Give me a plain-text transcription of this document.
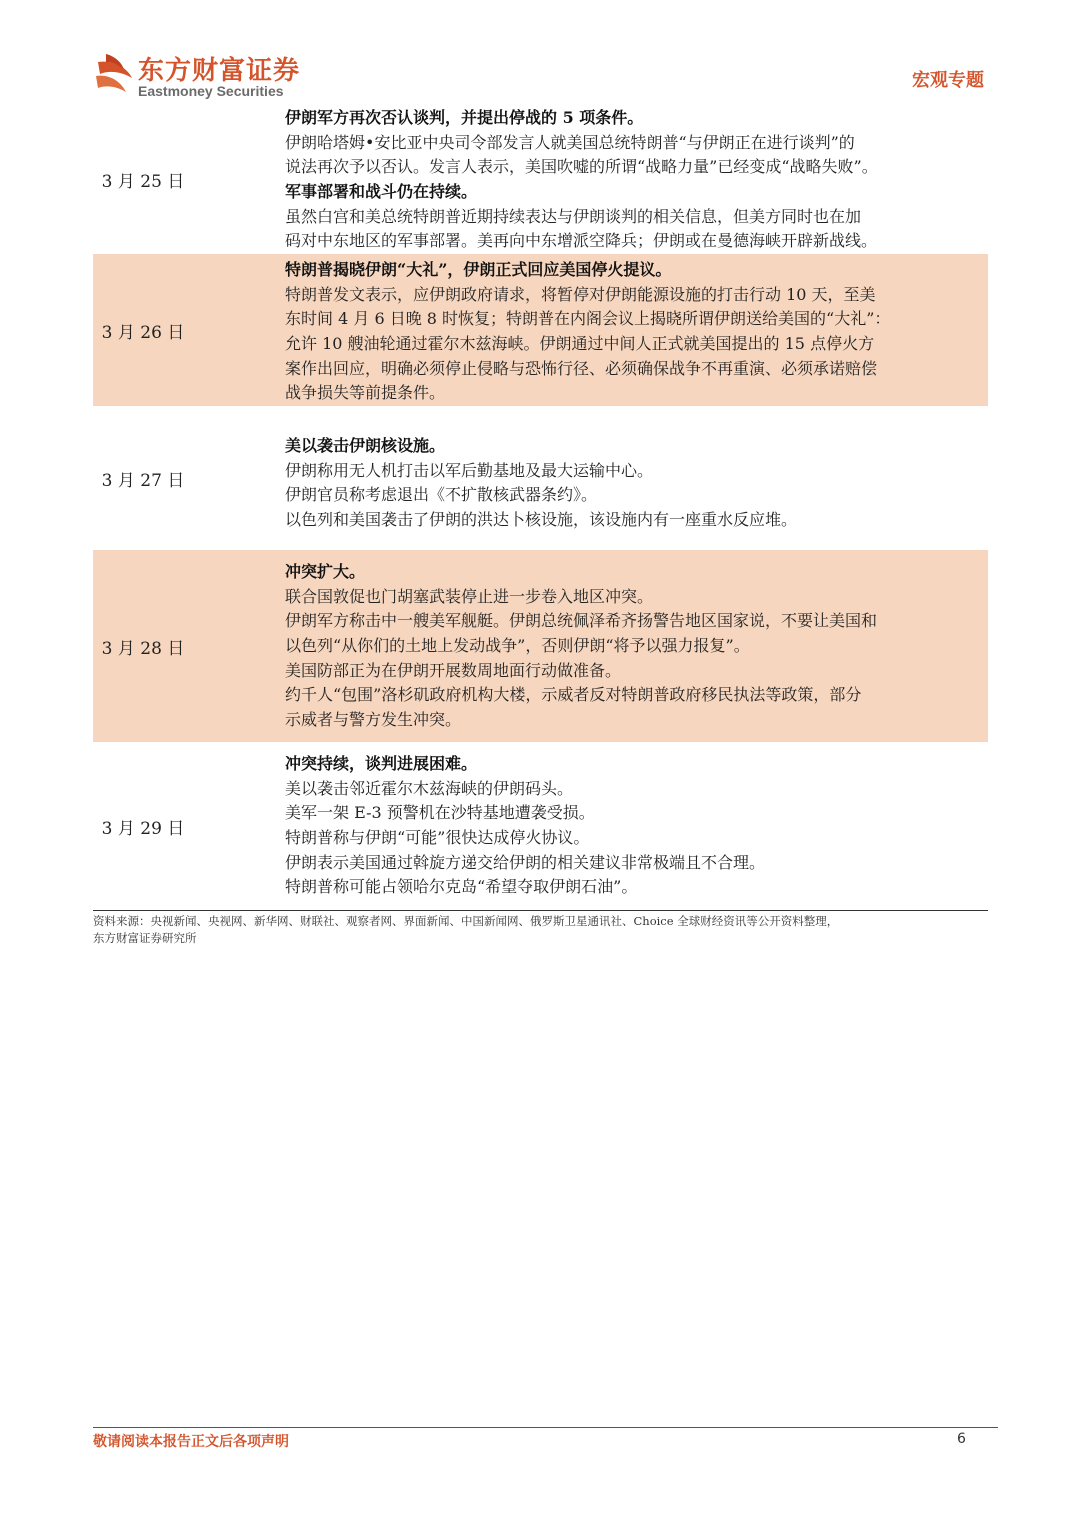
东方财富证券
Eastmoney Securities	宏观专题
3 月 25 日
伊朗军方再次否认谈判，并提出停战的 5 项条件。
伊朗哈塔姆•安比亚中央司令部发言人就美国总统特朗普“与伊朗正在进行谈判”的
说法再次予以否认。发言人表示，美国吹嘘的所谓“战略力量”已经变成“战略失败”。
军事部署和战斗仍在持续。
虽然白宫和美总统特朗普近期持续表达与伊朗谈判的相关信息，但美方同时也在加
码对中东地区的军事部署。美再向中东增派空降兵；伊朗或在曼德海峡开辟新战线。
3 月 26 日
特朗普揭晓伊朗“大礼”，伊朗正式回应美国停火提议。
特朗普发文表示，应伊朗政府请求，将暂停对伊朗能源设施的打击行动 10 天，至美
东时间 4 月 6 日晚 8 时恢复；特朗普在内阁会议上揭晓所谓伊朗送给美国的“大礼”：
允许 10 艘油轮通过霍尔木兹海峡。伊朗通过中间人正式就美国提出的 15 点停火方
案作出回应，明确必须停止侵略与恐怖行径、必须确保战争不再重演、必须承诺赔偿
战争损失等前提条件。
3 月 27 日
美以袭击伊朗核设施。
伊朗称用无人机打击以军后勤基地及最大运输中心。
伊朗官员称考虑退出《不扩散核武器条约》。
以色列和美国袭击了伊朗的洪达卜核设施，该设施内有一座重水反应堆。
3 月 28 日
冲突扩大。
联合国敦促也门胡塞武装停止进一步卷入地区冲突。
伊朗军方称击中一艘美军舰艇。伊朗总统佩泽希齐扬警告地区国家说，不要让美国和
以色列“从你们的土地上发动战争”，否则伊朗“将予以强力报复”。
美国防部正为在伊朗开展数周地面行动做准备。
约千人“包围”洛杉矶政府机构大楼，示威者反对特朗普政府移民执法等政策，部分
示威者与警方发生冲突。
3 月 29 日
冲突持续，谈判进展困难。
美以袭击邻近霍尔木兹海峡的伊朗码头。
美军一架 E-3 预警机在沙特基地遭袭受损。
特朗普称与伊朗“可能”很快达成停火协议。
伊朗表示美国通过斡旋方递交给伊朗的相关建议非常极端且不合理。
特朗普称可能占领哈尔克岛“希望夺取伊朗石油”。
资料来源：央视新闻、央视网、新华网、财联社、观察者网、界面新闻、中国新闻网、俄罗斯卫星通讯社、Choice 全球财经资讯等公开资料整理，
东方财富证券研究所
敬请阅读本报告正文后各项声明	6
